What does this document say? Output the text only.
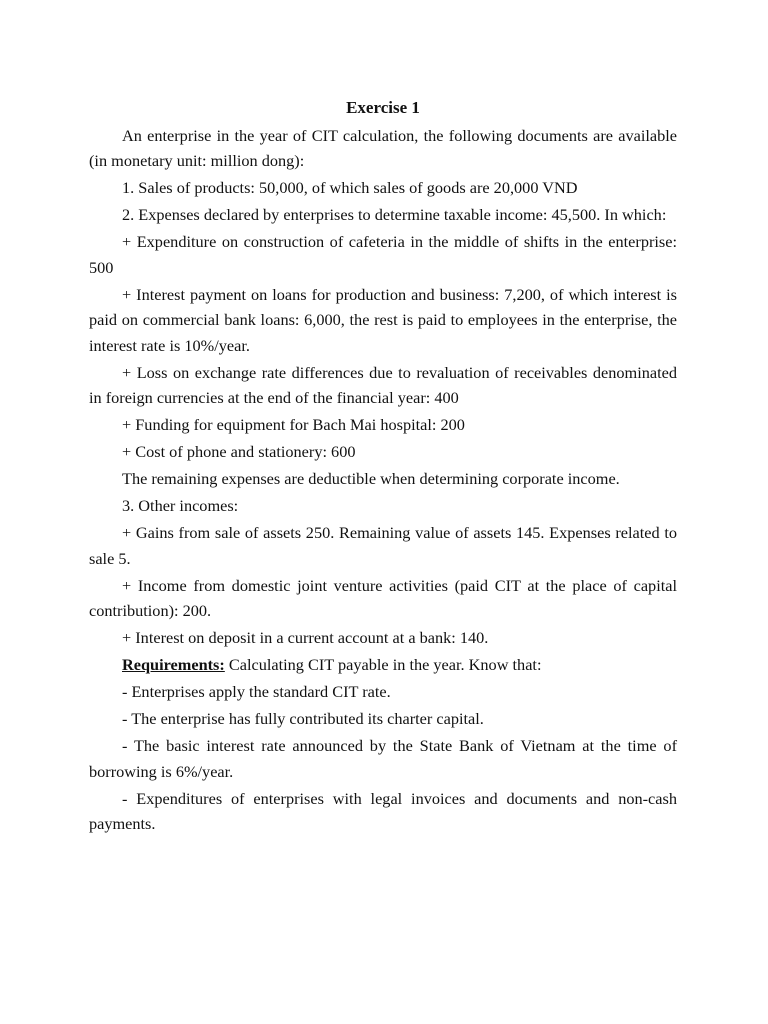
Exercise 1

An enterprise in the year of CIT calculation, the following documents are available (in monetary unit: million dong):

1. Sales of products: 50,000, of which sales of goods are 20,000 VND

2. Expenses declared by enterprises to determine taxable income: 45,500. In which:

+ Expenditure on construction of cafeteria in the middle of shifts in the enterprise: 500

+ Interest payment on loans for production and business: 7,200, of which interest is paid on commercial bank loans: 6,000, the rest is paid to employees in the enterprise, the interest rate is 10%/year.

+ Loss on exchange rate differences due to revaluation of receivables denominated in foreign currencies at the end of the financial year: 400

+ Funding for equipment for Bach Mai hospital: 200

+ Cost of phone and stationery: 600

The remaining expenses are deductible when determining corporate income.

3. Other incomes:

+ Gains from sale of assets 250. Remaining value of assets 145. Expenses related to sale 5.

+ Income from domestic joint venture activities (paid CIT at the place of capital contribution): 200.

+ Interest on deposit in a current account at a bank: 140.

Requirements: Calculating CIT payable in the year. Know that:

- Enterprises apply the standard CIT rate.

- The enterprise has fully contributed its charter capital.

- The basic interest rate announced by the State Bank of Vietnam at the time of borrowing is 6%/year.

- Expenditures of enterprises with legal invoices and documents and non-cash payments.
